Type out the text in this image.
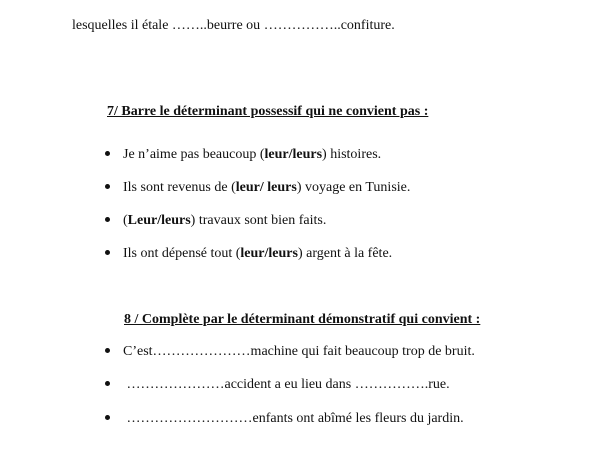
lesquelles il étale ……..beurre ou ……………..confiture.
7/ Barre le déterminant possessif qui ne convient pas :
Je n’aime pas beaucoup (leur/leurs) histoires.
Ils sont revenus de (leur/ leurs) voyage en Tunisie.
(Leur/leurs) travaux sont bien faits.
Ils ont dépensé tout (leur/leurs) argent à la fête.
8 / Complète par le déterminant démonstratif qui convient :
C’est…………………machine qui fait beaucoup trop de bruit.
…………………accident a eu lieu dans …………….rue.
………………………enfants ont abîmé les fleurs du jardin.
